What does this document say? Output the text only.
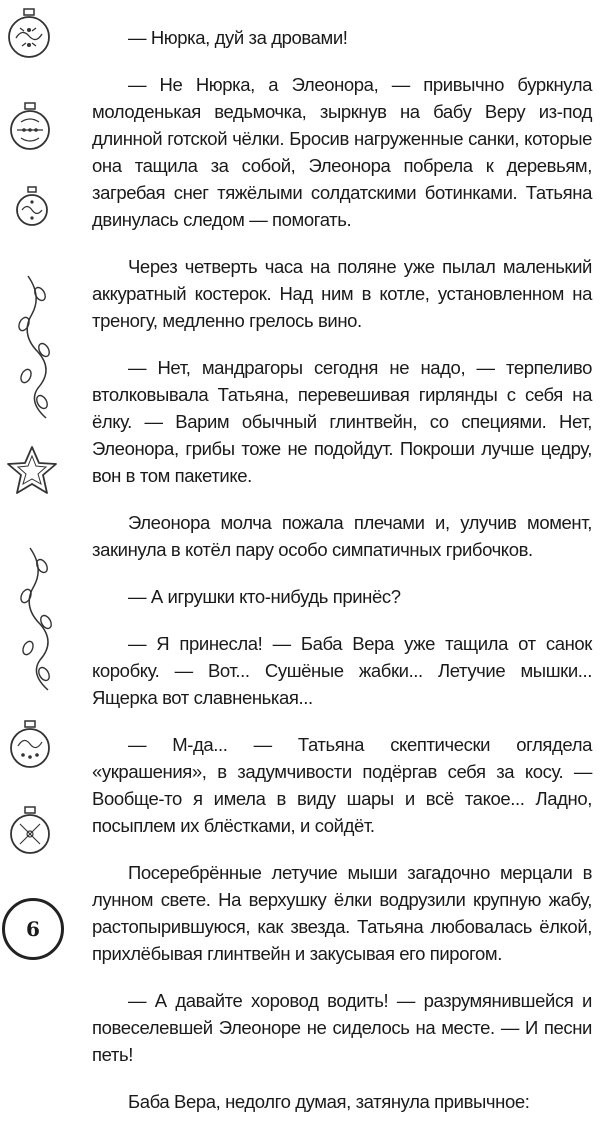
— Нюрка, дуй за дровами!

— Не Нюрка, а Элеонора, — привычно буркнула молоденькая ведьмочка, зыркнув на бабу Веру из-под длинной готской чёлки. Бросив нагруженные санки, которые она тащила за собой, Элеонора побрела к деревьям, загребая снег тяжёлыми солдатскими ботинками. Татьяна двинулась следом — помогать.

Через четверть часа на поляне уже пылал маленький аккуратный костерок. Над ним в котле, установленном на треногу, медленно грелось вино.

— Нет, мандрагоры сегодня не надо, — терпеливо втолковывала Татьяна, перевешивая гирлянды с себя на ёлку. — Варим обычный глинтвейн, со специями. Нет, Элеонора, грибы тоже не подойдут. Покроши лучше цедру, вон в том пакетике.

Элеонора молча пожала плечами и, улучив момент, закинула в котёл пару особо симпатичных грибочков.

— А игрушки кто-нибудь принёс?

— Я принесла! — Баба Вера уже тащила от санок коробку. — Вот... Сушёные жабки... Летучие мышки... Ящерка вот славненькая...

— М-да... — Татьяна скептически оглядела «украшения», в задумчивости подёргав себя за косу. — Вообще-то я имела в виду шары и всё такое... Ладно, посыплем их блёстками, и сойдёт.

Посеребрённые летучие мыши загадочно мерцали в лунном свете. На верхушку ёлки водрузили крупную жабу, растопырившуюся, как звезда. Татьяна любовалась ёлкой, прихлёбывая глинтвейн и закусывая его пирогом.

— А давайте хоровод водить! — разрумянившейся и повеселевшей Элеоноре не сиделось на месте. — И песни петь!

Баба Вера, недолго думая, затянула привычное:

6
